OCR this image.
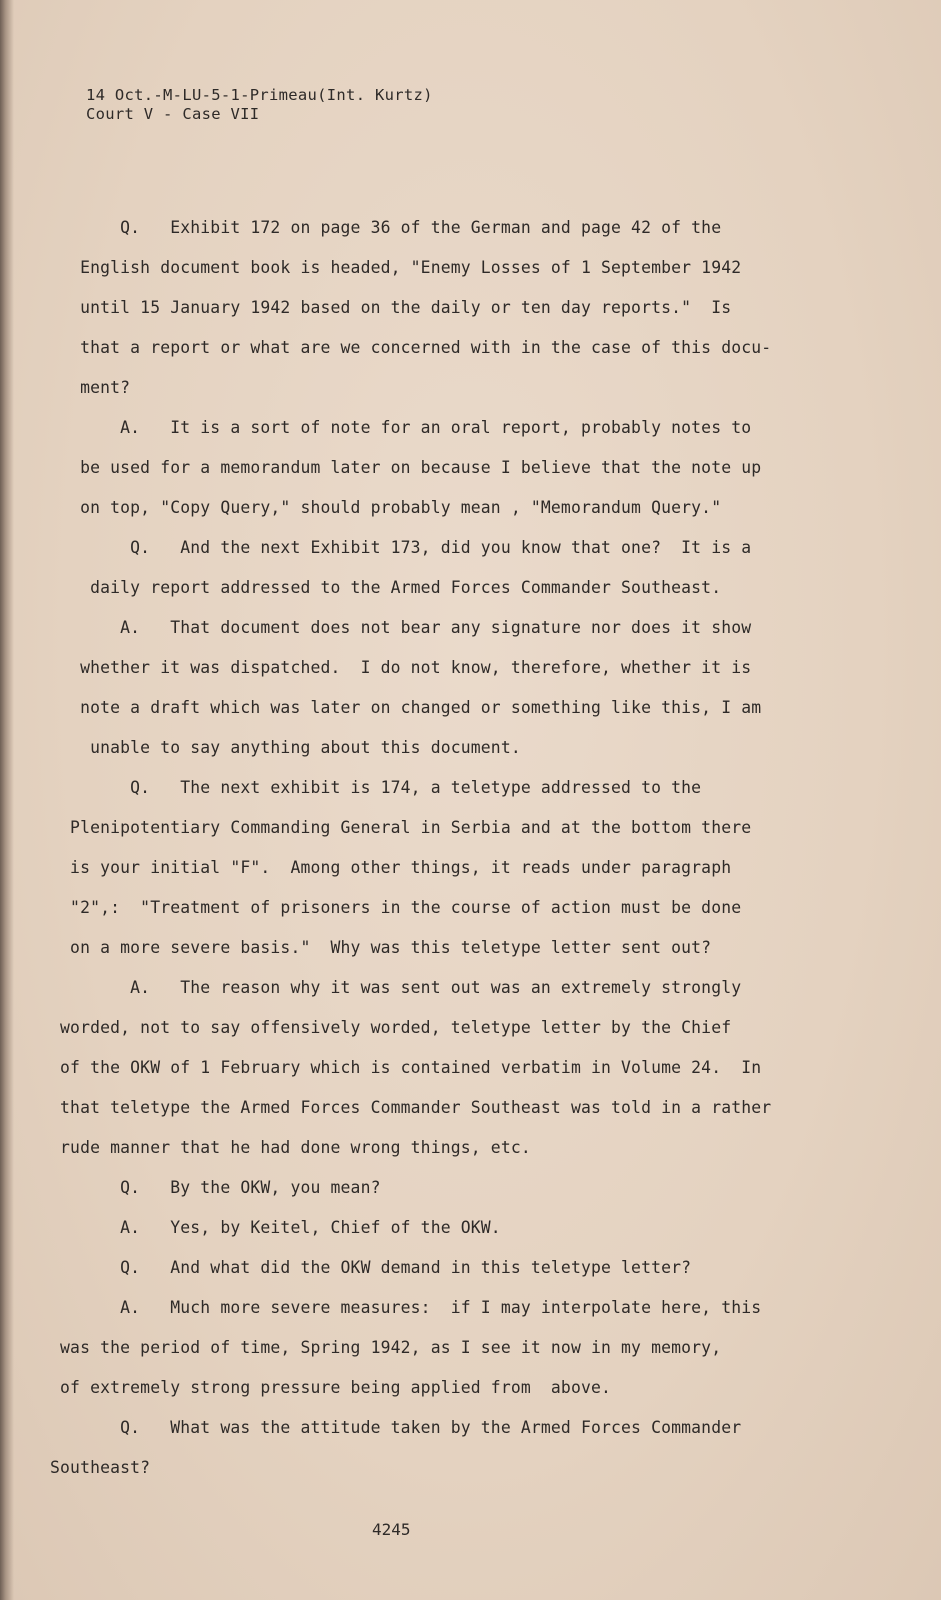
14 Oct.-M-LU-5-1-Primeau(Int. Kurtz)
Court V - Case VII
Q.   Exhibit 172 on page 36 of the German and page 42 of the
English document book is headed, "Enemy Losses of 1 September 1942
until 15 January 1942 based on the daily or ten day reports."  Is
that a report or what are we concerned with in the case of this docu-
ment?
A.   It is a sort of note for an oral report, probably notes to
be used for a memorandum later on because I believe that the note up
on top, "Copy Query," should probably mean , "Memorandum Query."
Q.   And the next Exhibit 173, did you know that one?  It is a
daily report addressed to the Armed Forces Commander Southeast.
A.   That document does not bear any signature nor does it show
whether it was dispatched.  I do not know, therefore, whether it is
note a draft which was later on changed or something like this, I am
unable to say anything about this document.
Q.   The next exhibit is 174, a teletype addressed to the
Plenipotentiary Commanding General in Serbia and at the bottom there
is your initial "F".  Among other things, it reads under paragraph
"2",:  "Treatment of prisoners in the course of action must be done
on a more severe basis."  Why was this teletype letter sent out?
A.   The reason why it was sent out was an extremely strongly
worded, not to say offensively worded, teletype letter by the Chief
of the OKW of 1 February which is contained verbatim in Volume 24.  In
that teletype the Armed Forces Commander Southeast was told in a rather
rude manner that he had done wrong things, etc.
Q.   By the OKW, you mean?
A.   Yes, by Keitel, Chief of the OKW.
Q.   And what did the OKW demand in this teletype letter?
A.   Much more severe measures:  if I may interpolate here, this
was the period of time, Spring 1942, as I see it now in my memory,
of extremely strong pressure being applied from  above.
Q.   What was the attitude taken by the Armed Forces Commander
Southeast?
4245
